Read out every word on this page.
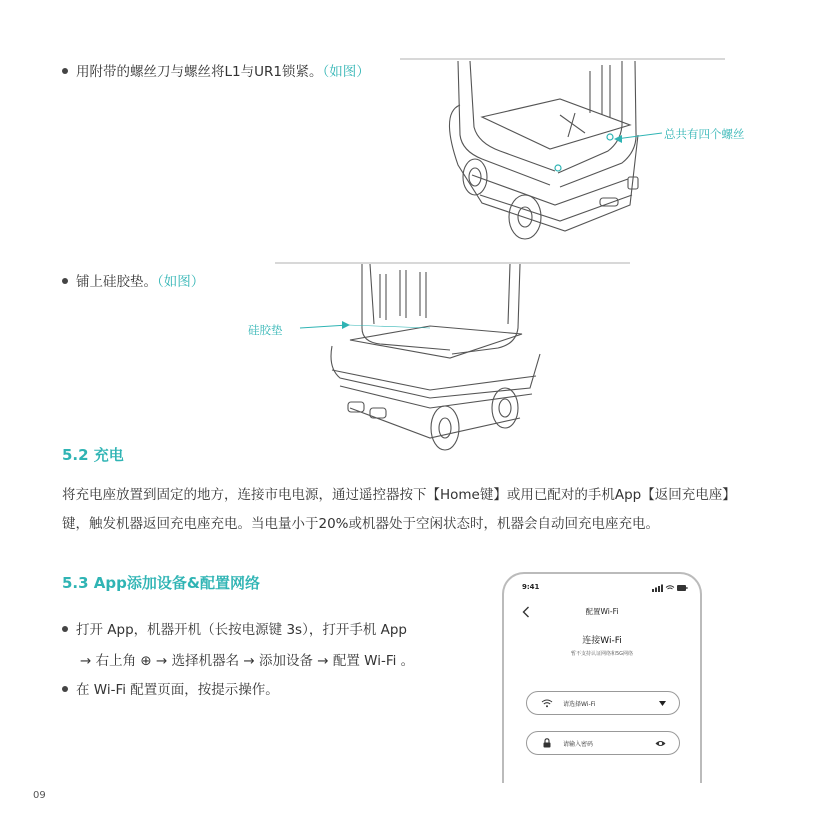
用附带的螺丝刀与螺丝将L1与UR1锁紧。（如图）
总共有四个螺丝
铺上硅胶垫。（如图）
硅胶垫
5.2 充电
将充电座放置到固定的地方，连接市电电源，通过遥控器按下【Home键】或用已配对的手机App【返回充电座】
键，触发机器返回充电座充电。当电量小于20%或机器处于空闲状态时，机器会自动回充电座充电。
5.3 App添加设备&配置网络
打开 App，机器开机（长按电源键 3s），打开手机 App
→ 右上角 ⊕ → 选择机器名 → 添加设备 → 配置 Wi-Fi 。
在 Wi-Fi 配置页面，按提示操作。
9:41
配置Wi-Fi
连接Wi-Fi
暂不支持认证网络和5G网络
请选择Wi-Fi
请输入密码
09
